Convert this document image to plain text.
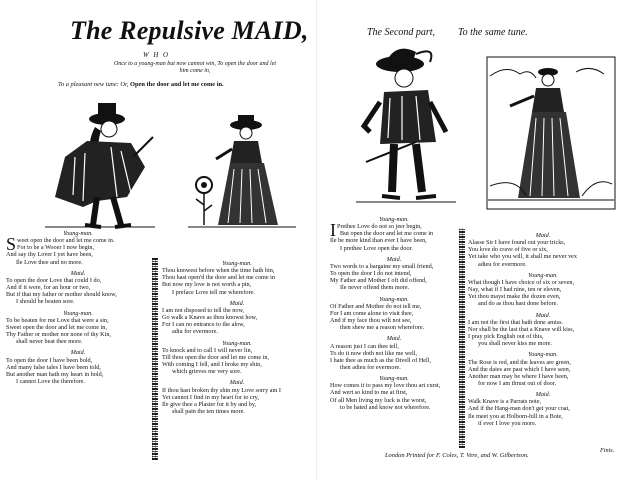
The Repulsive MAID,
W H O
Once to a young-man but now cannot win, To open the door and let him come in,
To a pleasant new tune: Or, Open the door and let me come in.
The Second part, To the same tune.

Young-man.

Sweet open the door and let me come in.

For to be a Wooer I now begin,

And say thy Lover I yet have been,

Ile Love thee and no more.

Maid.

To open the door Love that could I do,

And if it were, for an hour or two,

But if that my father or mother should know,

I should be beaten sore.

Young-man.

To be beaten for me Love that were a sin,

Sweet open the door and let me come in,

Thy Father or mother nor none of thy Kin,

shall never beat thee more.

Maid.

To open the door I have been bold,

And many false tales I have been told,

But another man hath my heart in hold,

I cannot Love the therefore.

Young-man.

Thou knowest before when the time hath bin,

Thou hast open'd the door and let me come in

But now my love is not worth a pin,

I preface Love tell me wherefore.

Maid.

I am not disposed to tell the now,

Go walk a Knave as thou knowst how,

For I can no entrance to the alow,

adiu for evermore.

Young-man.

To knock and to call I will never lin,

Till thou open the door and let me come in,

With coming I fell, and I broke my shin,

which grieves me very sore.

Maid.

If thou hast broken thy shin my Love sorry am I

Yet cannot I find in my heart for to cry,

Ile give thee a Plaster for it by and by,

shall pain the ten times more.

Young-man.

I Prethee Love do not so jeer begin,

But open the door and let me come in

Ile be more kind than ever I have been,

I prethee Love open the door.

Maid.

Two words to a bargaine my small friend,

To open the door I do not intend,

My Father and Mother I oft did offend,

Ile never offend them more.

Young-man.

Of Father and Mother do not tell me,

For I am come alone to visit thee,

And if my face thou wilt not see,

then shew me a reason wherefore.

Maid.

A reason just I can thee tell,

To do it now doth not like me well,

I hate thee as much as the Divell of Hell,

then adieu for evermore.

Young-man.

How comes it to pass my love thou art curst,

And wert so kind to me at first,

Of all Men living my luck is the worst,

to be hated and know not wherefore.

Maid.

Alasse Sir I have found out your tricks,

You love do crave of five or six,

Yet take who you will, it shall me never vex

adieu for evermore.

Young-man.

What though I have choice of six or seven,

Nay, what if I had nine, ten or eleven,

Yet thou mayst make the dozen even,

and do as thou hast done before.

Maid.

I am not the first that hath done amiss.

Nor shall be the last that a Knave will kiss,

I pray pick English out of this,

you shall never kiss me more.

Young-man.

The Rose is red, and the leaves are green,

And the daies are past which I have seen,

Another man may be where I have been,

for now I am thrust out of door.

Maid.

Walk Knave is a Parrats note,

And if the Hang-man don't get your coat,

Ile meet you at Holborn-hill in a Bote,

if ever I love you more.

Finis.
London Printed for F. Coles, T. Vere, and W. Gilbertson.
